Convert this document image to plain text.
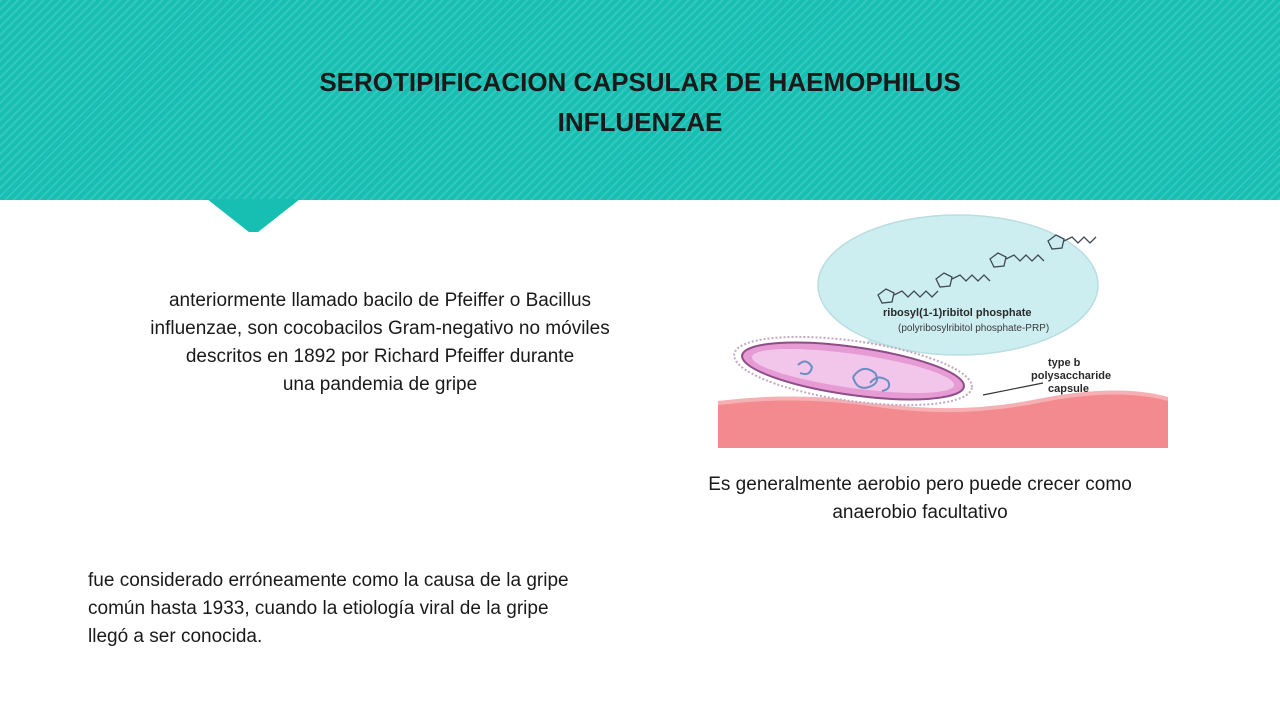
SEROTIPIFICACION CAPSULAR DE HAEMOPHILUS
INFLUENZAE

anteriormente llamado bacilo de Pfeiffer o Bacillus
influenzae, son cocobacilos Gram-negativo no móviles
descritos en 1892 por Richard Pfeiffer durante
una pandemia de gripe

ribosyl(1-1)ribitol phosphate
(polyribosylribitol phosphate-PRP)
type b
polysaccharide
capsule

Es generalmente aerobio pero puede crecer como
anaerobio facultativo

fue considerado erróneamente como la causa de la gripe
común hasta 1933, cuando la etiología viral de la gripe
llegó a ser conocida.
